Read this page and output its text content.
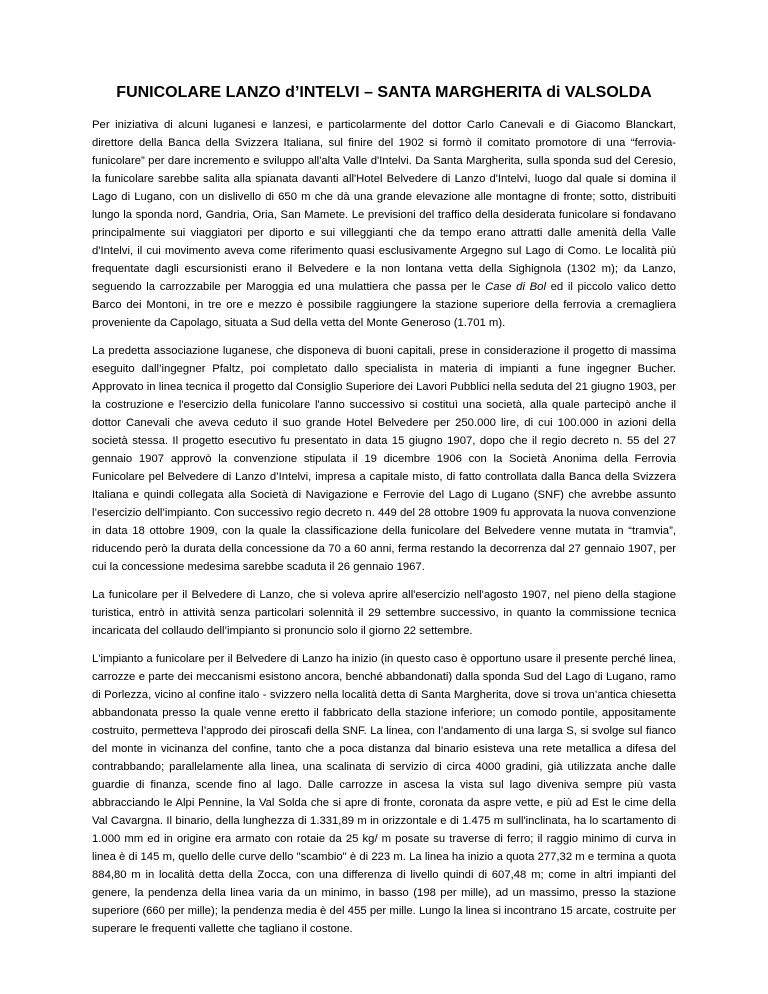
FUNICOLARE LANZO d’INTELVI – SANTA MARGHERITA di VALSOLDA

Per iniziativa di alcuni luganesi e lanzesi, e particolarmente del dottor Carlo Canevali e di Giacomo Blanckart, direttore della Banca della Svizzera Italiana, sul finire del 1902 si formò il comitato promotore di una “ferrovia-funicolare” per dare incremento e sviluppo all'alta Valle d'Intelvi. Da Santa Margherita, sulla sponda sud del Ceresio, la funicolare sarebbe salita alla spianata davanti all'Hotel Belvedere di Lanzo d'Intelvi, luogo dal quale si domina il Lago di Lugano, con un dislivello di 650 m che dà una grande elevazione alle montagne di fronte; sotto, distribuiti lungo la sponda nord, Gandria, Oria, San Mamete. Le previsioni del traffico della desiderata funicolare si fondavano principalmente sui viaggiatori per diporto e sui villeggianti che da tempo erano attratti dalle amenità della Valle d'Intelvi, il cui movimento aveva come riferimento quasi esclusivamente Argegno sul Lago di Como. Le località più frequentate dagli escursionisti erano il Belvedere e la non lontana vetta della Sighignola (1302 m); da Lanzo, seguendo la carrozzabile per Maroggia ed una mulattiera che passa per le Case di Bol ed il piccolo valico detto Barco dei Montoni, in tre ore e mezzo è possibile raggiungere la stazione superiore della ferrovia a cremagliera proveniente da Capolago, situata a Sud della vetta del Monte Generoso (1.701 m).

La predetta associazione luganese, che disponeva di buoni capitali, prese in considerazione il progetto di massima eseguito dall’ingegner Pfaltz, poi completato dallo specialista in materia di impianti a fune ingegner Bucher. Approvato in linea tecnica il progetto dal Consiglio Superiore dei Lavori Pubblici nella seduta del 21 giugno 1903, per la costruzione e l'esercizio della funicolare l'anno successivo si costituì una società, alla quale partecipò anche il dottor Canevali che aveva ceduto il suo grande Hotel Belvedere per 250.000 lire, di cui 100.000 in azioni della società stessa. Il progetto esecutivo fu presentato in data 15 giugno 1907, dopo che il regio decreto n. 55 del 27 gennaio 1907 approvò la convenzione stipulata il 19 dicembre 1906 con la Società Anonima della Ferrovia Funicolare pel Belvedere di Lanzo d’Intelvi, impresa a capitale misto, di fatto controllata dalla Banca della Svizzera Italiana e quindi collegata alla Società di Navigazione e Ferrovie del Lago di Lugano (SNF) che avrebbe assunto l’esercizio dell’impianto. Con successivo regio decreto n. 449 del 28 ottobre 1909 fu approvata la nuova convenzione in data 18 ottobre 1909, con la quale la classificazione della funicolare del Belvedere venne mutata in “tramvia”, riducendo però la durata della concessione da 70 a 60 anni, ferma restando la decorrenza dal 27 gennaio 1907, per cui la concessione medesima sarebbe scaduta il 26 gennaio 1967.

La funicolare per il Belvedere di Lanzo, che si voleva aprire all'esercizio nell'agosto 1907, nel pieno della stagione turistica, entrò in attività senza particolari solennità il 29 settembre successivo, in quanto la commissione tecnica incaricata del collaudo dell’impianto si pronuncio solo il giorno 22 settembre.

L'impianto a funicolare per il Belvedere di Lanzo ha inizio (in questo caso è opportuno usare il presente perché linea, carrozze e parte dei meccanismi esistono ancora, benché abbandonati) dalla sponda Sud del Lago di Lugano, ramo di Porlezza, vicino al confine italo - svizzero nella località detta di Santa Margherita, dove si trova un’antica chiesetta abbandonata presso la quale venne eretto il fabbricato della stazione inferiore; un comodo pontile, appositamente costruito, permetteva l’approdo dei piroscafi della SNF. La linea, con l’andamento di una larga S, si svolge sul fianco del monte in vicinanza del confine, tanto che a poca distanza dal binario esisteva una rete metallica a difesa del contrabbando; parallelamente alla linea, una scalinata di servizio di circa 4000 gradini, già utilizzata anche dalle guardie di finanza, scende fino al lago. Dalle carrozze in ascesa la vista sul lago diveniva sempre più vasta abbracciando le Alpi Pennine, la Val Solda che si apre di fronte, coronata da aspre vette, e più ad Est le cime della Val Cavargna. Il binario, della lunghezza di 1.331,89 m in orizzontale e di 1.475 m sull'inclinata, ha lo scartamento di 1.000 mm ed in origine era armato con rotaie da 25 kg/ m posate su traverse di ferro; il raggio minimo di curva in linea è di 145 m, quello delle curve dello "scambio" è di 223 m. La linea ha inizio a quota 277,32 m e termina a quota 884,80 m in località detta della Zocca, con una differenza di livello quindi di 607,48 m; come in altri impianti del genere, la pendenza della linea varia da un minimo, in basso (198 per mille), ad un massimo, presso la stazione superiore (660 per mille); la pendenza media è del 455 per mille. Lungo la linea si incontrano 15 arcate, costruite per superare le frequenti vallette che tagliano il costone.
